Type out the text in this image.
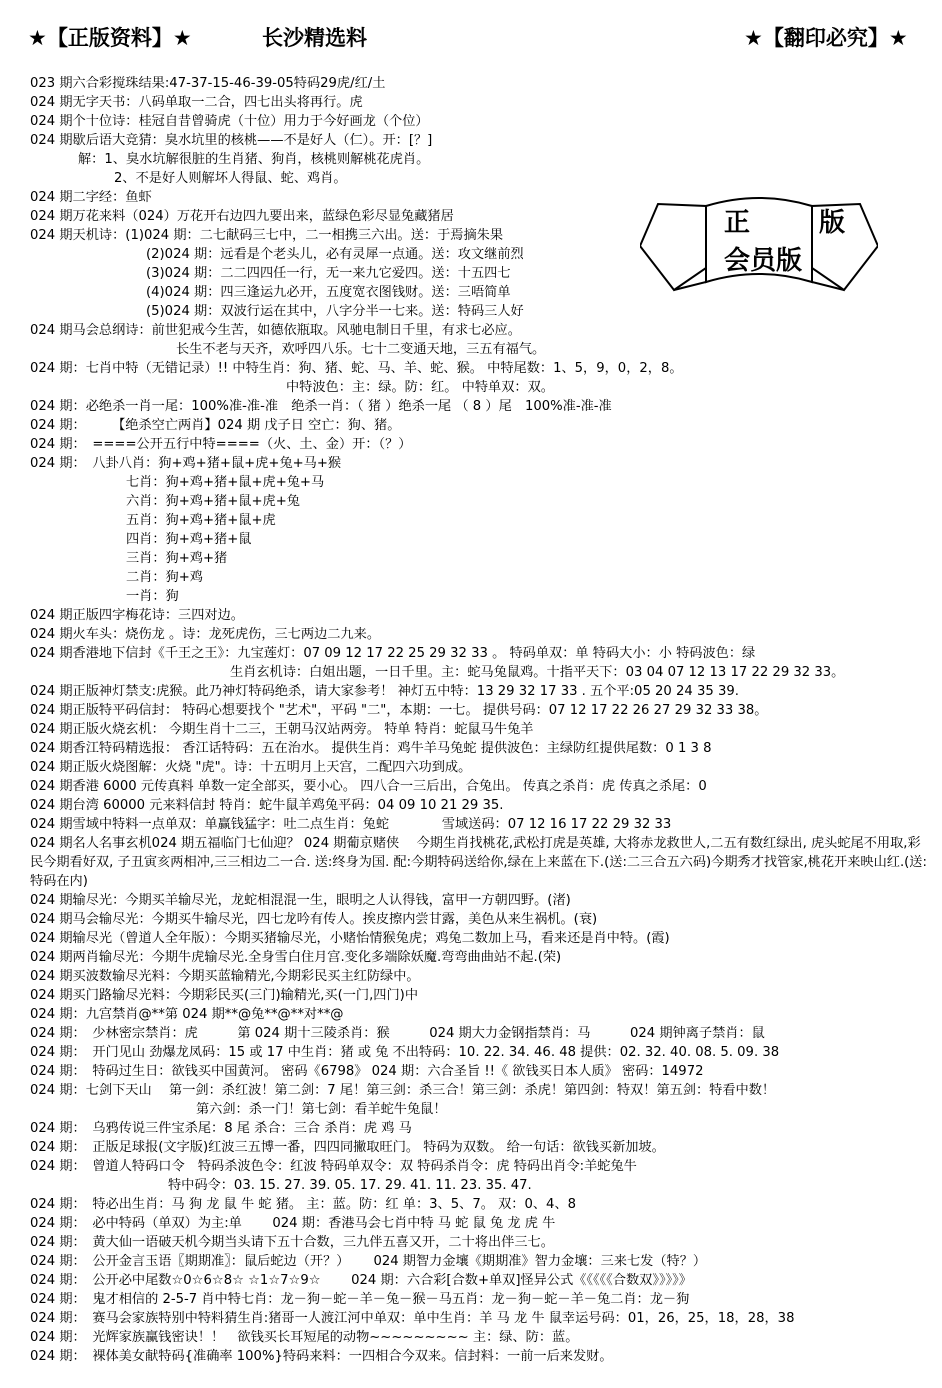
★【正版资料】★	长沙精选料	★【翻印必究】★
正 版
会员版
023 期六合彩搅珠结果:47-37-15-46-39-05特码29虎/红/土
024 期无字天书：八码单取一二合，四七出头将再行。虎
024 期个十位诗：桂冠自昔曾骑虎（十位）用力于今好画龙（个位）
024 期歇后语大竞猜：臭水坑里的核桃——不是好人（仁）。开：[？]
解：1、臭水坑解很脏的生肖猪、狗肖，核桃则解桃花虎肖。
2、不是好人则解坏人得鼠、蛇、鸡肖。
024 期二字经：鱼虾
024 期万花来料（024）万花开右边四九要出来，蓝绿色彩尽显兔藏猪居
024 期天机诗：(1)024 期：二七献码三七中，二一相携三六出。送：于焉摘朱果
(2)024 期：远看是个老头儿，必有灵犀一点通。送：攻文继前烈
(3)024 期：二二四四任一行，无一来九它爱四。送：十五四七
(4)024 期：四三逢运九必开，五度宽衣图钱财。送：三唔简单
(5)024 期：双波行运在其中，八字分半一七来。送：特码三人好
024 期马会总纲诗：前世犯戒今生苦，如德依瓶取。风驰电制日千里，有求七必应。
长生不老与天齐，欢呼四八乐。七十二变通天地，三五有福气。
024 期：七肖中特（无错记录）!! 中特生肖：狗、猪、蛇、马、羊、蛇、猴。 中特尾数：1、5，9，0，2，8。
中特波色：主：绿。防：红。 中特单双：双。
024 期：必绝杀一肖一尾：100%准-准-准　绝杀一肖：（ 猪 ）绝杀一尾 （ 8 ）尾　100%准-准-准
024 期：　　　【绝杀空亡两肖】024 期 戊子日 空亡：狗、猪。
024 期：　====公开五行中特====（火、土、金）开：（？）
024 期：　八卦八肖：狗+鸡+猪+鼠+虎+兔+马+猴
七肖：狗+鸡+猪+鼠+虎+兔+马
六肖：狗+鸡+猪+鼠+虎+兔
五肖：狗+鸡+猪+鼠+虎
四肖：狗+鸡+猪+鼠
三肖：狗+鸡+猪
二肖：狗+鸡
一肖：狗
024 期正版四字梅花诗：三四对边。
024 期火车头：烧伤龙 。诗：龙死虎伤，三七两边二九来。
024 期香港地下信封《千王之王》：九宝莲灯：07 09 12 17 22 25 29 32 33 。 特码单双：单 特码大小：小 特码波色：绿
生肖玄机诗：白姐出题，一日千里。主：蛇马兔鼠鸡。十指平天下：03 04 07 12 13 17 22 29 32 33。
024 期正版神灯禁支:虎猴。此乃神灯特码绝杀，请大家参考！ 神灯五中特：13 29 32 17 33 . 五个平:05 20 24 35 39.
024 期正版特平码信封： 特码心想要找个 "艺术"，平码 "二"，本期：一七。 提供号码：07 12 17 22 26 27 29 32 33 38。
024 期正版火烧玄机： 今期生肖十二三，王朝马汉站两旁。 特单 特肖：蛇鼠马牛兔羊
024 期香江特码精选报： 香江话特码：五在治水。 提供生肖：鸡牛羊马兔蛇 提供波色：主绿防红提供尾数：0 1 3 8
024 期正版火烧图解：火烧 "虎"。诗：十五明月上天宫，二配四六功到成。
024 期香港 6000 元传真料 单数一定全部买，要小心。 四八合一三后出，合兔出。 传真之杀肖：虎 传真之杀尾：0
024 期台湾 60000 元来料信封 特肖：蛇牛鼠羊鸡兔平码：04 09 10 21 29 35.
024 期雪域中特料一点单双：单赢钱猛字：吐二点生肖：兔蛇　　　　雪域送码：07 12 16 17 22 29 32 33
024 期名人名事玄机024 期五福临门七仙迎？ 024 期葡京赌侠　 今期生肖找桃花,武松打虎是英雄, 大将赤龙救世人,二五有数红绿出, 虎头蛇尾不用取,彩民今期看好双, 子丑寅亥两相冲,三三相边二一合. 送:终身为国. 配:今期特码送给你,绿在上来蓝在下.(送:二三合五六码)今期秀才找管家,桃花开来映山红.(送:特码在内)
024 期输尽光：今期买羊输尽光，龙蛇相混混一生，眼明之人认得钱，富甲一方朝四野。(渚)
024 期马会输尽光：今期买牛输尽光，四七龙吟有传人。挨皮擦内尝甘露，美色从来生祸机。(衰)
024 期输尽光（曾道人全年版）：今期买猪输尽光，小赌怡情猴兔虎；鸡兔二数加上马，看来还是肖中特。(霞)
024 期两肖输尽光：今期牛虎输尽光.全身雪白住月宫.变化多端除妖魔.弯弯曲曲站不起.(荣)
024 期买波数输尽光料：今期买蓝输精光,今期彩民买主红防绿中。
024 期买门路输尽光料：今期彩民买(三门)输精光,买(一门,四门)中
024 期：九宫禁肖@**第 024 期**@兔**@**对**@
024 期：　少林密宗禁肖：虎　　　第 024 期十三陵杀肖：猴　　　024 期大力金钢指禁肖：马　　　024 期钟离子禁肖：鼠
024 期：　开门见山 劲爆龙凤码：15 或 17 中生肖：猪 或 兔 不出特码：10. 22. 34. 46. 48 提供：02. 32. 40. 08. 5. 09. 38
024 期：　特码过生日：欲钱买中国黄河。 密码《6798》 024 期：六合圣旨 !!《 欲钱买日本人质》 密码：14972
024 期：七剑下天山　 第一剑：杀红波！第二剑：7 尾！第三剑：杀三合！第三剑：杀虎！第四剑：特双！第五剑：特看中数！
第六剑：杀一门！第七剑：看羊蛇牛兔鼠！
024 期：　乌鸦传说三件宝杀尾：8 尾 杀合：三合 杀肖：虎 鸡 马
024 期：　正版足球报(文字版)红波三五博一番，四四同撇取旺门。 特码为双数。 给一句话：欲钱买新加坡。
024 期：　曾道人特码口令　特码杀波色令：红波 特码单双令：双 特码杀肖令：虎 特码出肖令:羊蛇兔牛
特中码令：03. 15. 27. 39. 05. 17. 29. 41. 11. 23. 35. 47.
024 期：　特必出生肖：马 狗 龙 鼠 牛 蛇 猪。 主：蓝。防：红 单：3、5、7。 双：0、4、8
024 期：　必中特码（单双）为主:单　　 024 期：香港马会七肖中特 马 蛇 鼠 兔 龙 虎 牛
024 期：　黄大仙一语破天机今期当头请下五十合数，三九伴五喜又开，二十将出伴三七。
024 期：　公开金言玉语〖期期准〗：鼠后蛇边（开？）　　 024 期智力金壤《期期准》智力金壤：三来七发（特？）
024 期：　公开必中尾数☆0☆6☆8☆ ☆1☆7☆9☆　　 024 期：六合彩[合数+单双]怪异公式《《《《《合数双》》》》》
024 期：　鬼才相信的 2-5-7 肖中特七肖：龙－狗－蛇－羊－兔－猴－马五肖：龙－狗－蛇－羊－兔二肖：龙－狗
024 期：　赛马会家族特别中特料猜生肖:猪哥一人渡江河中单双：单中生肖：羊 马 龙 牛 鼠幸运号码：01，26，25，18，28，38
024 期：　光辉家族赢钱密诀！！　欲钱买长耳短尾的动物~~~~~~~~~ 主：绿、防：蓝。
024 期：　裸体美女献特码{准确率 100%}特码来料：一四相合今双来。信封料：一前一后来发财。
